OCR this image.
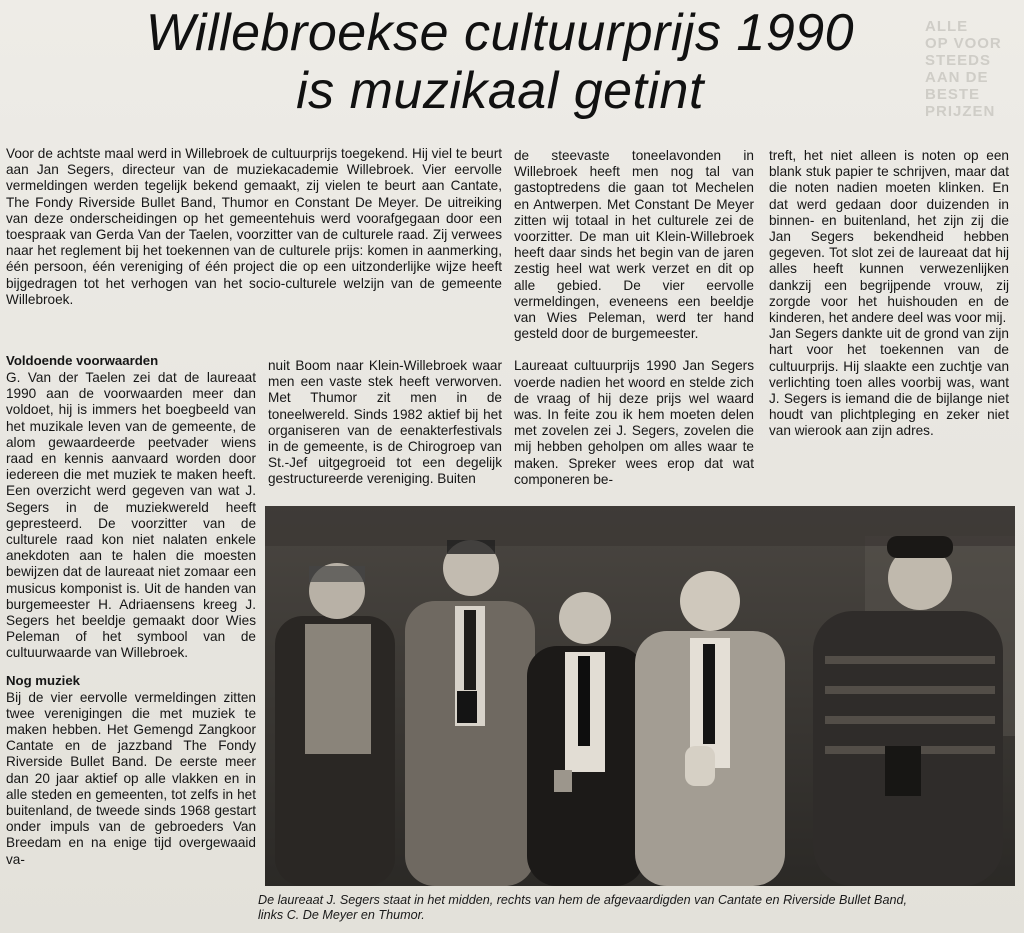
ALLE
OP VOOR
STEEDS
AAN DE
BESTE PRIJZEN
Willebroekse cultuurprijs 1990
is muzikaal getint

Voor de achtste maal werd in Willebroek de cultuurprijs toegekend. Hij viel te beurt aan Jan Segers, directeur van de muziekacademie Willebroek. Vier eervolle vermeldingen werden tegelijk bekend gemaakt, zij vielen te beurt aan Cantate, The Fondy Riverside Bullet Band, Thumor en Constant De Meyer. De uitreiking van deze onderscheidingen op het gemeentehuis werd voorafgegaan door een toespraak van Gerda Van der Taelen, voorzitter van de culturele raad. Zij verwees naar het reglement bij het toekennen van de culturele prijs: komen in aanmerking, één persoon, één vereniging of één project die op een uitzonderlijke wijze heeft bijgedragen tot het verhogen van het socio-culturele welzijn van de gemeente Willebroek.

Voldoende voorwaarden

G. Van der Taelen zei dat de laureaat 1990 aan de voorwaarden meer dan voldoet, hij is immers het boegbeeld van het muzikale leven van de gemeente, de alom gewaardeerde peetvader wiens raad en kennis aanvaard worden door iedereen die met muziek te maken heeft. Een overzicht werd gegeven van wat J. Segers in de muziekwereld heeft gepresteerd. De voorzitter van de culturele raad kon niet nalaten enkele anekdoten aan te halen die moesten bewijzen dat de laureaat niet zomaar een musicus komponist is. Uit de handen van burgemeester H. Adriaensens kreeg J. Segers het beeldje gemaakt door Wies Peleman of het symbool van de cultuurwaarde van Willebroek.

Nog muziek

Bij de vier eervolle vermeldingen zitten twee verenigingen die met muziek te maken hebben. Het Gemengd Zangkoor Cantate en de jazzband The Fondy Riverside Bullet Band. De eerste meer dan 20 jaar aktief op alle vlakken en in alle steden en gemeenten, tot zelfs in het buitenland, de tweede sinds 1968 gestart onder impuls van de gebroeders Van Breedam en na enige tijd overgewaaid va-

nuit Boom naar Klein-Willebroek waar men een vaste stek heeft verworven. Met Thumor zit men in de toneelwereld. Sinds 1982 aktief bij het organiseren van de eenakterfestivals in de gemeente, is de Chirogroep van St.-Jef uitgegroeid tot een degelijk gestructureerde vereniging. Buiten

de steevaste toneelavonden in Willebroek heeft men nog tal van gastoptredens die gaan tot Mechelen en Antwerpen. Met Constant De Meyer zitten wij totaal in het culturele zei de voorzitter. De man uit Klein-Willebroek heeft daar sinds het begin van de jaren zestig heel wat werk verzet en dit op alle gebied. De vier eervolle vermeldingen, eveneens een beeldje van Wies Peleman, werd ter hand gesteld door de burgemeester.

Laureaat cultuurprijs 1990 Jan Segers voerde nadien het woord en stelde zich de vraag of hij deze prijs wel waard was. In feite zou ik hem moeten delen met zovelen zei J. Segers, zovelen die mij hebben geholpen om alles waar te maken. Spreker wees erop dat wat componeren be-

treft, het niet alleen is noten op een blank stuk papier te schrijven, maar dat die noten nadien moeten klinken. En dat werd gedaan door duizenden in binnen- en buitenland, het zijn zij die Jan Segers bekendheid hebben gegeven. Tot slot zei de laureaat dat hij alles heeft kunnen verwezenlijken dankzij een begrijpende vrouw, zij zorgde voor het huishouden en de kinderen, het andere deel was voor mij.

Jan Segers dankte uit de grond van zijn hart voor het toekennen van de cultuurprijs. Hij slaakte een zuchtje van verlichting toen alles voorbij was, want J. Segers is iemand die de bijlange niet houdt van plichtpleging en zeker niet van wierook aan zijn adres.

De laureaat J. Segers staat in het midden, rechts van hem de afgevaardigden van Cantate en Riverside Bullet Band,
links C. De Meyer en Thumor.
